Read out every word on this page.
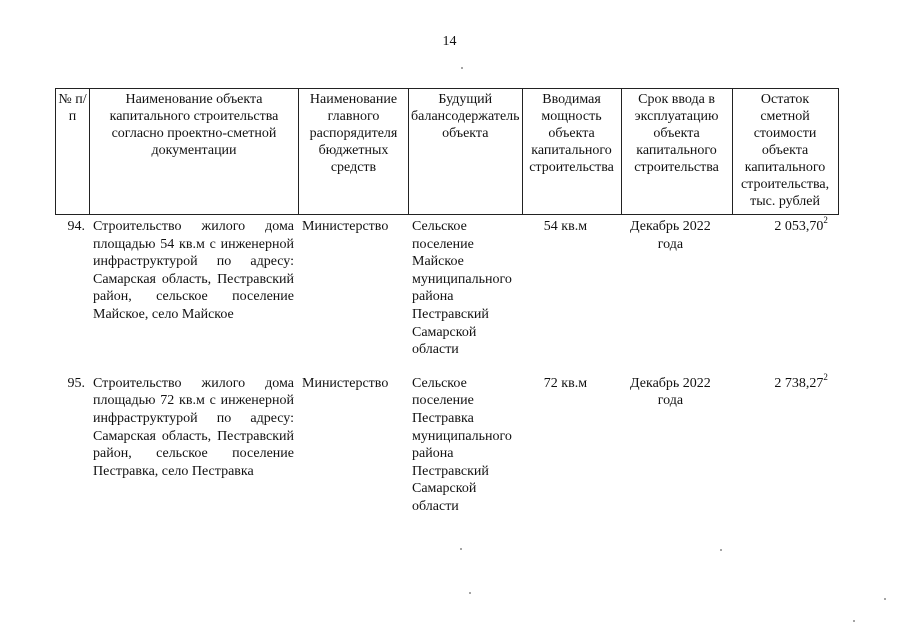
14
№ п/п	Наименование объекта капитального строительства согласно проектно-сметной документации	Наименование главного распорядителя бюджетных средств	Будущий балансодержатель объекта	Вводимая мощность объекта капитального строительства	Срок ввода в эксплуатацию объекта капитального строительства	Остаток сметной стоимости объекта капитального строительства, тыс. рублей
94.	Строительство жилого дома площадью 54 кв.м с инженерной инфраструктурой по адресу: Самарская область, Пестравский район, сельское поселение Майское, село Майское	Министерство	Сельское поселение Майское муниципального района Пестравский Самарской области	54 кв.м	Декабрь 2022 года	2 053,70$^2$

95.	Строительство жилого дома площадью 72 кв.м с инженерной инфраструктурой по адресу: Самарская область, Пестравский район, сельское поселение Пестравка, село Пестравка	Министерство	Сельское поселение Пестравка муниципального района Пестравский Самарской области	72 кв.м	Декабрь 2022 года	2 738,27$^2$
